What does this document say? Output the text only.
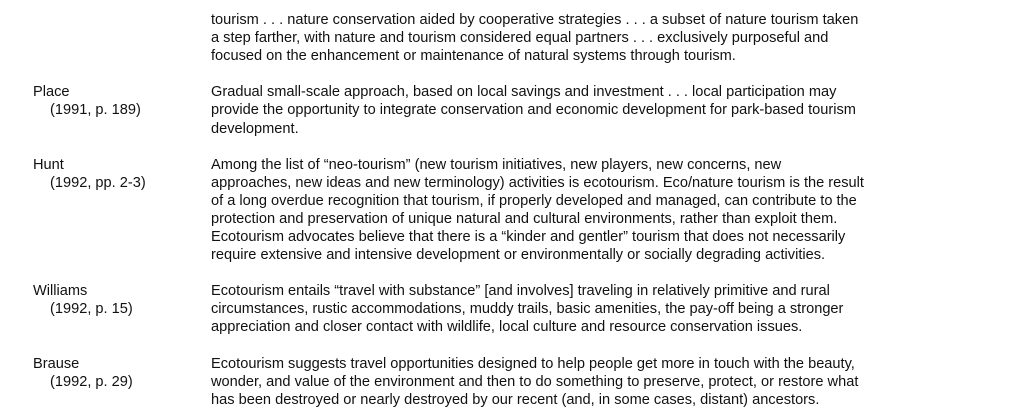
tourism . . . nature conservation aided by cooperative strategies . . . a subset of nature tourism taken
a step farther, with nature and tourism considered equal partners . . . exclusively purposeful and
focused on the enhancement or maintenance of natural systems through tourism.
Place
(1991, p. 189)
Gradual small-scale approach, based on local savings and investment . . . local participation may
provide the opportunity to integrate conservation and economic development for park-based tourism
development.
Hunt
(1992, pp. 2-3)
Among the list of “neo-tourism” (new tourism initiatives, new players, new concerns, new
approaches, new ideas and new terminology) activities is ecotourism. Eco/nature tourism is the result
of a long overdue recognition that tourism, if properly developed and managed, can contribute to the
protection and preservation of unique natural and cultural environments, rather than exploit them.
Ecotourism advocates believe that there is a “kinder and gentler” tourism that does not necessarily
require extensive and intensive development or environmentally or socially degrading activities.
Williams
(1992, p. 15)
Ecotourism entails “travel with substance” [and involves] traveling in relatively primitive and rural
circumstances, rustic accommodations, muddy trails, basic amenities, the pay-off being a stronger
appreciation and closer contact with wildlife, local culture and resource conservation issues.
Brause
(1992, p. 29)
Ecotourism suggests travel opportunities designed to help people get more in touch with the beauty,
wonder, and value of the environment and then to do something to preserve, protect, or restore what
has been destroyed or nearly destroyed by our recent (and, in some cases, distant) ancestors.
